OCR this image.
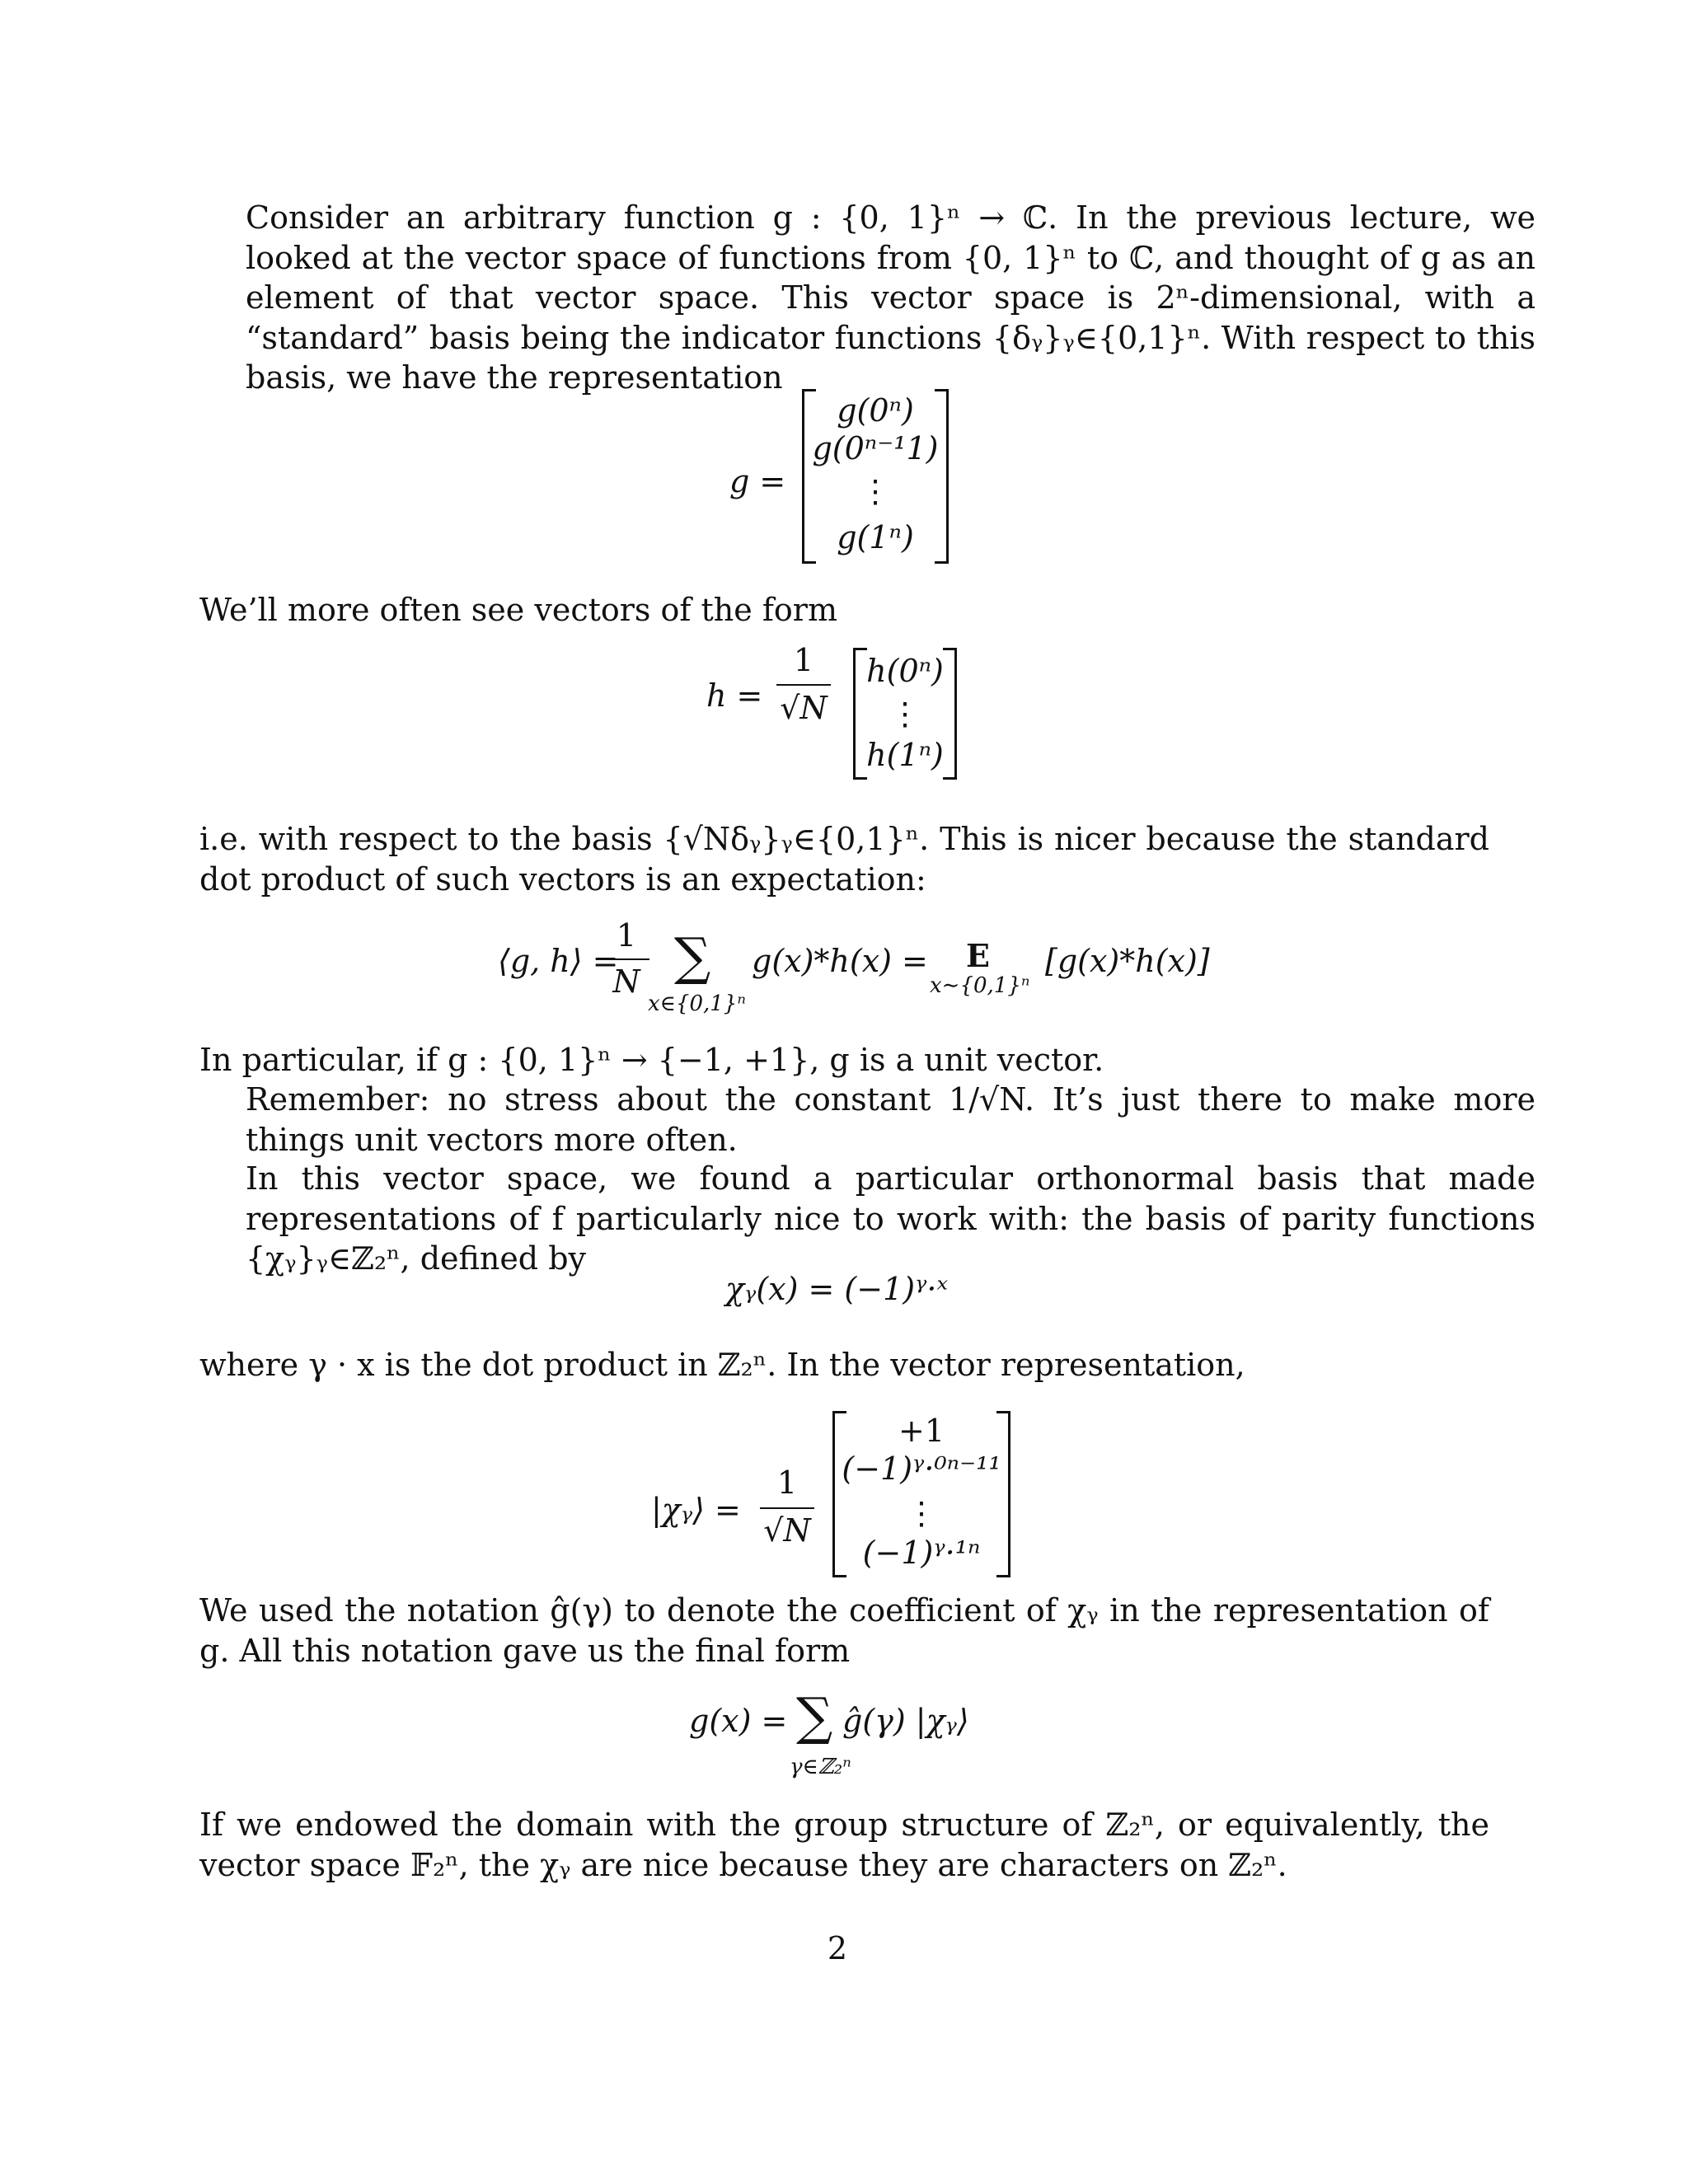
Consider an arbitrary function g : {0, 1}ⁿ → ℂ. In the previous lecture, we looked at the vector space of functions from {0, 1}ⁿ to ℂ, and thought of g as an element of that vector space. This vector space is 2ⁿ-dimensional, with a “standard” basis being the indicator functions {δᵧ}ᵧ∈{0,1}ⁿ. With respect to this basis, we have the representation

g =
g(0ⁿ)
g(0ⁿ⁻¹1)
⋮
g(1ⁿ)

We’ll more often see vectors of the form

h =
1
√N
h(0ⁿ)
⋮
h(1ⁿ)

i.e. with respect to the basis {√Nδᵧ}ᵧ∈{0,1}ⁿ. This is nicer because the standard dot product of such vectors is an expectation:

⟨g, h⟩ =
1
N ∑
x∈{0,1}ⁿ
g(x)*h(x) = E
x∼{0,1}ⁿ
[g(x)*h(x)]

In particular, if g : {0, 1}ⁿ → {−1, +1}, g is a unit vector.

Remember: no stress about the constant 1/√N. It’s just there to make more things unit vectors more often.

In this vector space, we found a particular orthonormal basis that made representations of f particularly nice to work with: the basis of parity functions {χᵧ}ᵧ∈ℤ₂ⁿ, defined by

χᵧ(x) = (−1)ᵞ·ˣ

where γ · x is the dot product in ℤ₂ⁿ. In the vector representation,

|χᵧ⟩ =
1
√N
+1
(−1)ᵞ·⁰ⁿ⁻¹¹
⋮
(−1)ᵞ·¹ⁿ

We used the notation ĝ(γ) to denote the coefficient of χᵧ in the representation of g. All this notation gave us the final form

g(x) = ∑
γ∈ℤ₂ⁿ
ĝ(γ) |χᵧ⟩

If we endowed the domain with the group structure of ℤ₂ⁿ, or equivalently, the vector space 𝔽₂ⁿ, the χᵧ are nice because they are characters on ℤ₂ⁿ.

2
